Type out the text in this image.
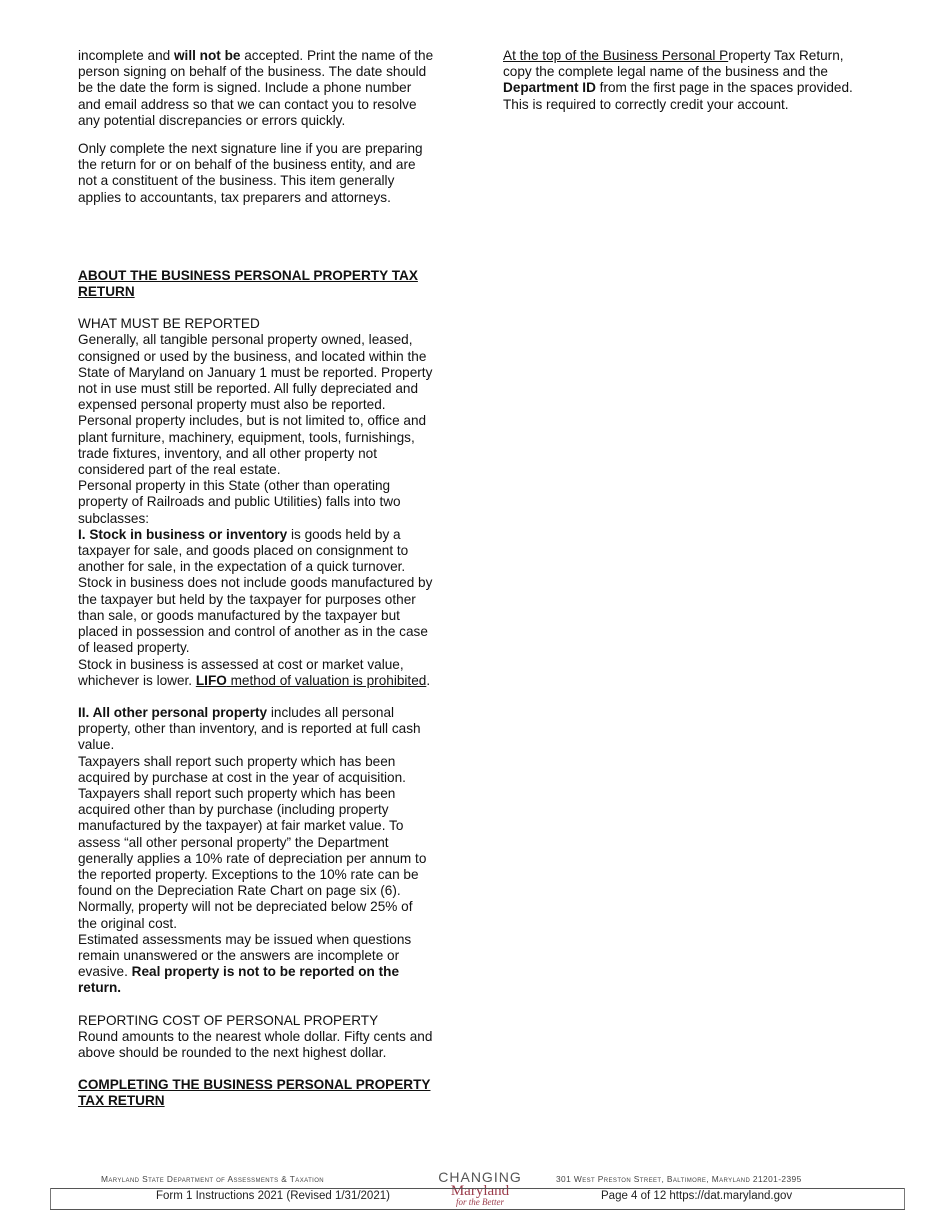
incomplete and will not be accepted. Print the name of the person signing on behalf of the business. The date should be the date the form is signed. Include a phone number and email address so that we can contact you to resolve any potential discrepancies or errors quickly.

Only complete the next signature line if you are preparing the return for or on behalf of the business entity, and are not a constituent of the business. This item generally applies to accountants, tax preparers and attorneys.

ABOUT THE BUSINESS PERSONAL PROPERTY TAX RETURN

WHAT MUST BE REPORTED

Generally, all tangible personal property owned, leased, consigned or used by the business, and located within the State of Maryland on January 1 must be reported. Property not in use must still be reported. All fully depreciated and expensed personal property must also be reported.

Personal property includes, but is not limited to, office and plant furniture, machinery, equipment, tools, furnishings, trade fixtures, inventory, and all other property not considered part of the real estate.

Personal property in this State (other than operating property of Railroads and public Utilities) falls into two subclasses:

I. Stock in business or inventory is goods held by a taxpayer for sale, and goods placed on consignment to another for sale, in the expectation of a quick turnover. Stock in business does not include goods manufactured by the taxpayer but held by the taxpayer for purposes other than sale, or goods manufactured by the taxpayer but placed in possession and control of another as in the case of leased property.

Stock in business is assessed at cost or market value, whichever is lower. LIFO method of valuation is prohibited.

II. All other personal property includes all personal property, other than inventory, and is reported at full cash value.

Taxpayers shall report such property which has been acquired by purchase at cost in the year of acquisition.

Taxpayers shall report such property which has been acquired other than by purchase (including property manufactured by the taxpayer) at fair market value. To assess “all other personal property” the Department generally applies a 10% rate of depreciation per annum to the reported property. Exceptions to the 10% rate can be found on the Depreciation Rate Chart on page six (6).

Normally, property will not be depreciated below 25% of the original cost.

Estimated assessments may be issued when questions remain unanswered or the answers are incomplete or evasive. Real property is not to be reported on the return.

REPORTING COST OF PERSONAL PROPERTY

Round amounts to the nearest whole dollar. Fifty cents and above should be rounded to the next highest dollar.

COMPLETING THE BUSINESS PERSONAL PROPERTY TAX RETURN

At the top of the Business Personal Property Tax Return, copy the complete legal name of the business and the Department ID from the first page in the spaces provided. This is required to correctly credit your account.

Maryland State Department of Assessments & Taxation	CHANGING
Maryland
for the Better
301 West Preston Street, Baltimore, Maryland 21201-2395
Form 1 Instructions 2021 (Revised 1/31/2021)	Page 4 of 12 https://dat.maryland.gov
